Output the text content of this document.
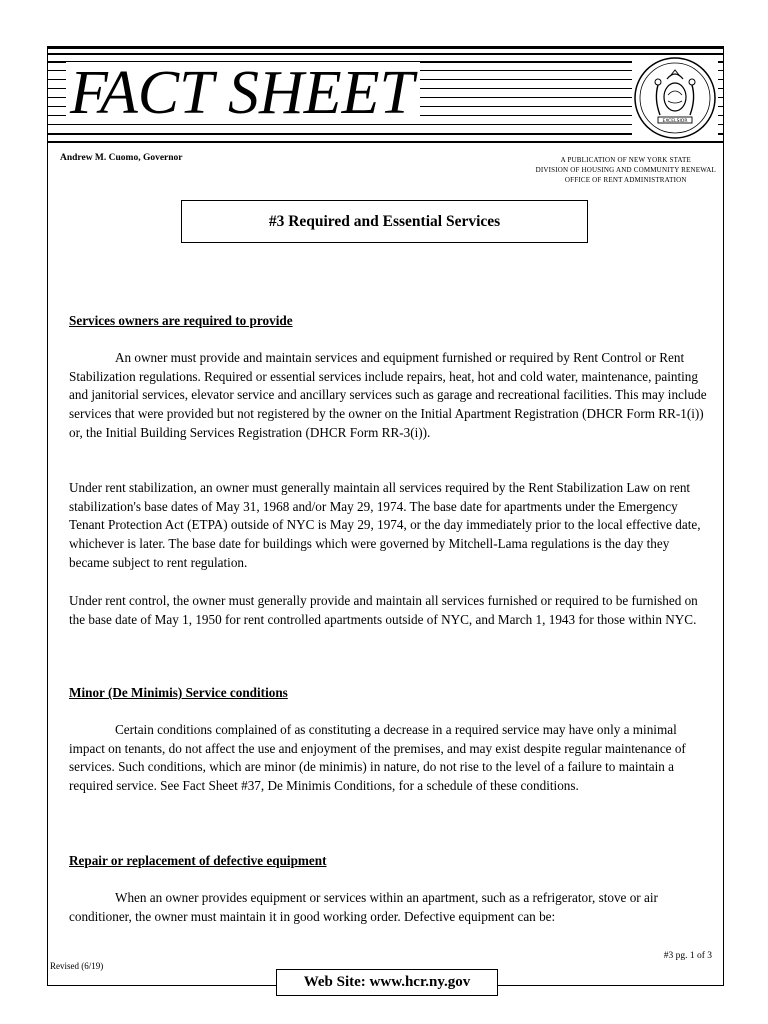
FACT SHEET	EXCELSIOR
Andrew M. Cuomo, Governor	A PUBLICATION OF NEW YORK STATE
DIVISION OF HOUSING AND COMMUNITY RENEWAL
OFFICE OF RENT ADMINISTRATION
#3 Required and Essential Services

Services owners are required to provide

An owner must provide and maintain services and equipment furnished or required by Rent Control or Rent Stabilization regulations. Required or essential services include repairs, heat, hot and cold water, maintenance, painting and janitorial services, elevator service and ancillary services such as garage and recreational facilities. This may include services that were provided but not registered by the owner on the Initial Apartment Registration (DHCR Form RR-1(i)) or, the Initial Building Services Registration (DHCR Form RR-3(i)).

Under rent stabilization, an owner must generally maintain all services required by the Rent Stabilization Law on rent stabilization's base dates of May 31, 1968 and/or May 29, 1974. The base date for apartments under the Emergency Tenant Protection Act (ETPA) outside of NYC is May 29, 1974, or the day immediately prior to the local effective date, whichever is later. The base date for buildings which were governed by Mitchell-Lama regulations is the day they became subject to rent regulation.

Under rent control, the owner must generally provide and maintain all services furnished or required to be furnished on the base date of May 1, 1950 for rent controlled apartments outside of NYC, and March 1, 1943 for those within NYC.

Minor (De Minimis) Service conditions

Certain conditions complained of as constituting a decrease in a required service may have only a minimal impact on tenants, do not affect the use and enjoyment of the premises, and may exist despite regular maintenance of services. Such conditions, which are minor (de minimis) in nature, do not rise to the level of a failure to maintain a required service. See Fact Sheet #37, De Minimis Conditions, for a schedule of these conditions.

Repair or replacement of defective equipment

When an owner provides equipment or services within an apartment, such as a refrigerator, stove or air conditioner, the owner must maintain it in good working order. Defective equipment can be:

Revised (6/19)
#3 pg. 1 of 3
Web Site: www.hcr.ny.gov
